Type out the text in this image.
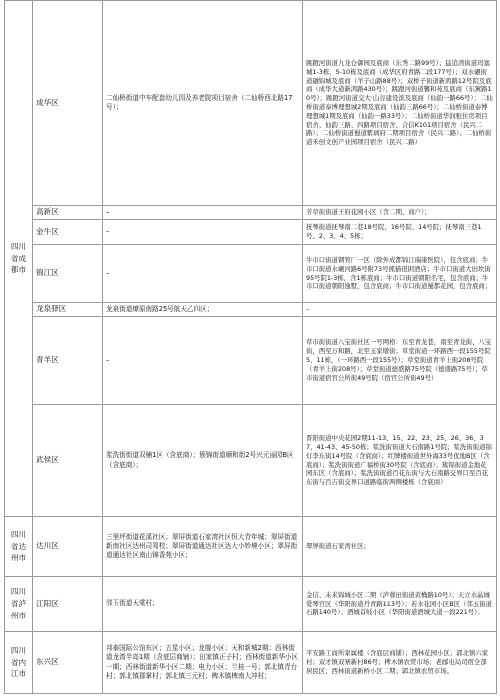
四川省成都市	成华区	二仙桥街道中车配套幼儿园及养老院项目宿舍（二仙桥西北路17号）；	跳蹬河街道九龙仓御园及底商（东秀二路99号）；猛追湾街道玛塞城1-3栋、5-10栋及底商（成华区府青路二段177号）；双水碾街道融锦城及底商（羊子山路88号）；双桥子街道新鸿路12号院及底商（成华大道新鸿路430号）；跳蹬河街道馨和苑及底商（东篱路10号）；跳蹬河街道交大·山谷建设滨及底商（仙韵一路66号）；二仙桥街道泰博理想城2期及底商（仙韵三路66号）；二仙桥街道泰博理想城1期及底商（仙韵一路33号）；二仙桥街道华润租住房项目宿舍、仙韵三路、四路项目宿舍、合信K101项目宿舍（民兴二路）；二仙桥街道蜀道紫璃府二期项目宿舍（民兴二路）；二仙桥街道禾创文创产业园项目宿舍（民兴二路）
	高新区	–	芳草街街道王府花园小区（含二期、商户）；
	金牛区	–	抚琴街道抚琴南二巷18号院、16号院、14号院；抚琴南三巷1号、2、3、4、5栋；
	锦江区	–	牛市口街道钢管厂一区（除外成都锦江瑞康医院），包含底商；牛市口街道水碾河路6号附73号熊猫很困酒店；牛市口街道大田坎街95号院1-3栋，含1栋底商；牛市口街道朝阳名宅，包含底商；牛市口街道朝阳逸墅，包含底商；牛市口街道蜀都花园，包含底商；
	龙泉驿区	龙泉街道燎原南路25号航天乙四区；	–
	青羊区	–	草市街街道八宝街社区一号网格：东至青龙巷，南至青龙街、八宝街，西至万和路，北至玉家墩街；草堂街道一环路西一段155号院5、11栋，（一环路西一段155号）；草堂街道青羊上街208号院（青羊上街208号）；草堂街道德盛路75号院（德盛路75号）；草市街道宿官公所街49号院（宿官公所街49号）
	武侯区	浆洗街街道双楠1区（含底商）；簇锦街道顺和街2号兴元丽园B区（含底商）；	晋阳街道中央花园2期11-13、15、22、23、25、26、36、37、41-43、45-50栋；浆洗街街道大石南路1号院；浆洗街街道锦灯李东街14号院（含底商）；红牌楼街道世外海33号优地B区（含底商）；浆洗街街道广福桥街30号院（含底商）；簇锦街道金地花园东区（含底商）；浆洗街街道百花东街与大石南路交界口至百花东街与百吉街交界口道路临街两侧楼栋（含底商）
四川省达州市	达川区	三里坪街道花溪社区；翠屏街道石家湾社区恒大青年城；翠屏街道新南社区达州司驾校；翠屏街道通达社区达大小妙境小区；翠屏街道通达社区南山锦香苑小区；	翠屏街道石家湾社区；
四川省泸州市	江阳区	邻玉街道天棠村；	金信、未来锦城小区二期（泸蓉田街道黄桷路10号）；天立水晶城爱琴宫区（华阳街道丹青路113号）；若水花园小区B区（邻玉街道石路140号）；酒城首岐小区（华阳街道酒城大道一段221号）；
四川省内江市	东兴区	邦泰国际公馆东区；五星小区；龙舰小区；天和新城2期；西林街道龙湾半岛1期（含底层商铺）；田家镇正子村；西林街道新华小区一期；西林街道新华小区二期；电力小区；兰桂一号；郭北镇青台村；郭北镇郡掌村；郭北镇三元村；椑木镇椑南大冲村；	平安路工商所家属楼（含底层商铺）；西林花园小区；郭北镇六家村；双才镇双寨新村86号；椑木镇农贸市场；老邮电局司宿全部居民区；西林街道新桥小区二期；郭北镇农贸市场。
